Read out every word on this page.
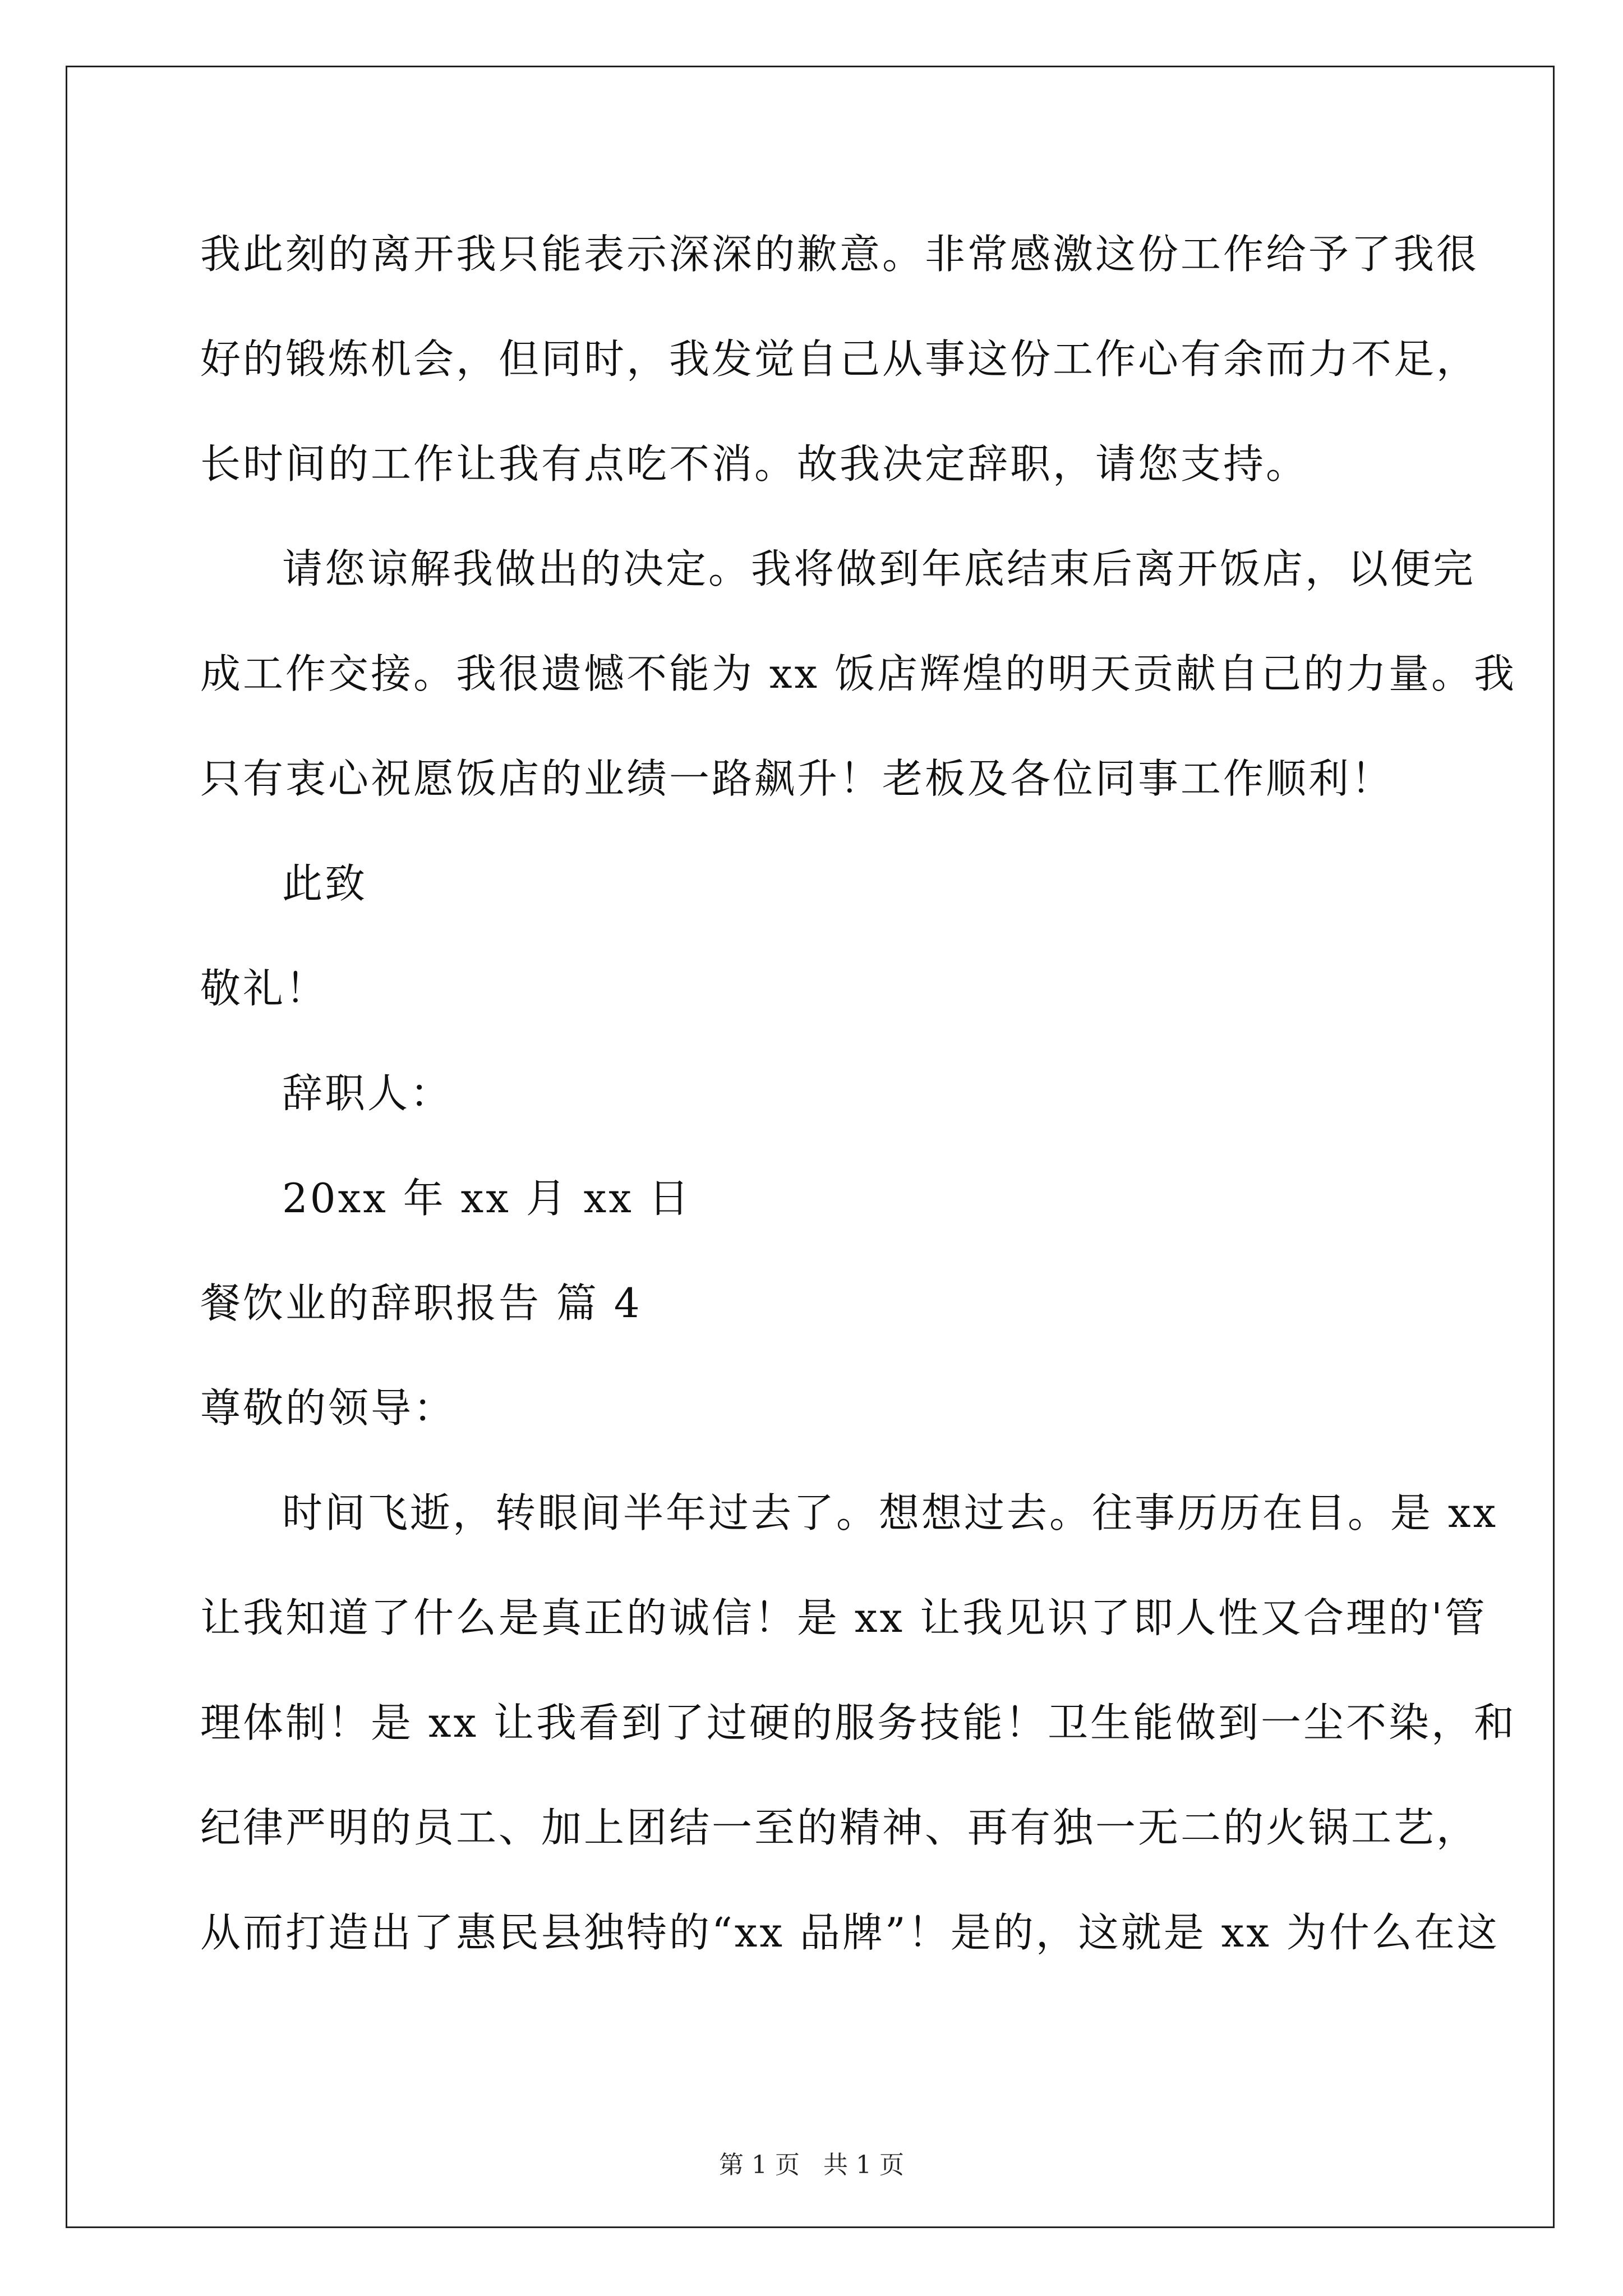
我此刻的离开我只能表示深深的歉意。非常感激这份工作给予了我很
好的锻炼机会，但同时，我发觉自己从事这份工作心有余而力不足，
长时间的工作让我有点吃不消。故我决定辞职，请您支持。
请您谅解我做出的决定。我将做到年底结束后离开饭店，以便完
成工作交接。我很遗憾不能为 xx 饭店辉煌的明天贡献自己的力量。我
只有衷心祝愿饭店的业绩一路飙升！老板及各位同事工作顺利！
此致
敬礼！
辞职人：
20xx 年 xx 月 xx 日
餐饮业的辞职报告 篇 4
尊敬的领导：
时间飞逝，转眼间半年过去了。想想过去。往事历历在目。是 xx
让我知道了什么是真正的诚信！是 xx 让我见识了即人性又合理的'管
理体制！是 xx 让我看到了过硬的服务技能！卫生能做到一尘不染，和
纪律严明的员工、加上团结一至的精神、再有独一无二的火锅工艺，
从而打造出了惠民县独特的“xx 品牌”！是的，这就是 xx 为什么在这
第 1 页   共 1 页
